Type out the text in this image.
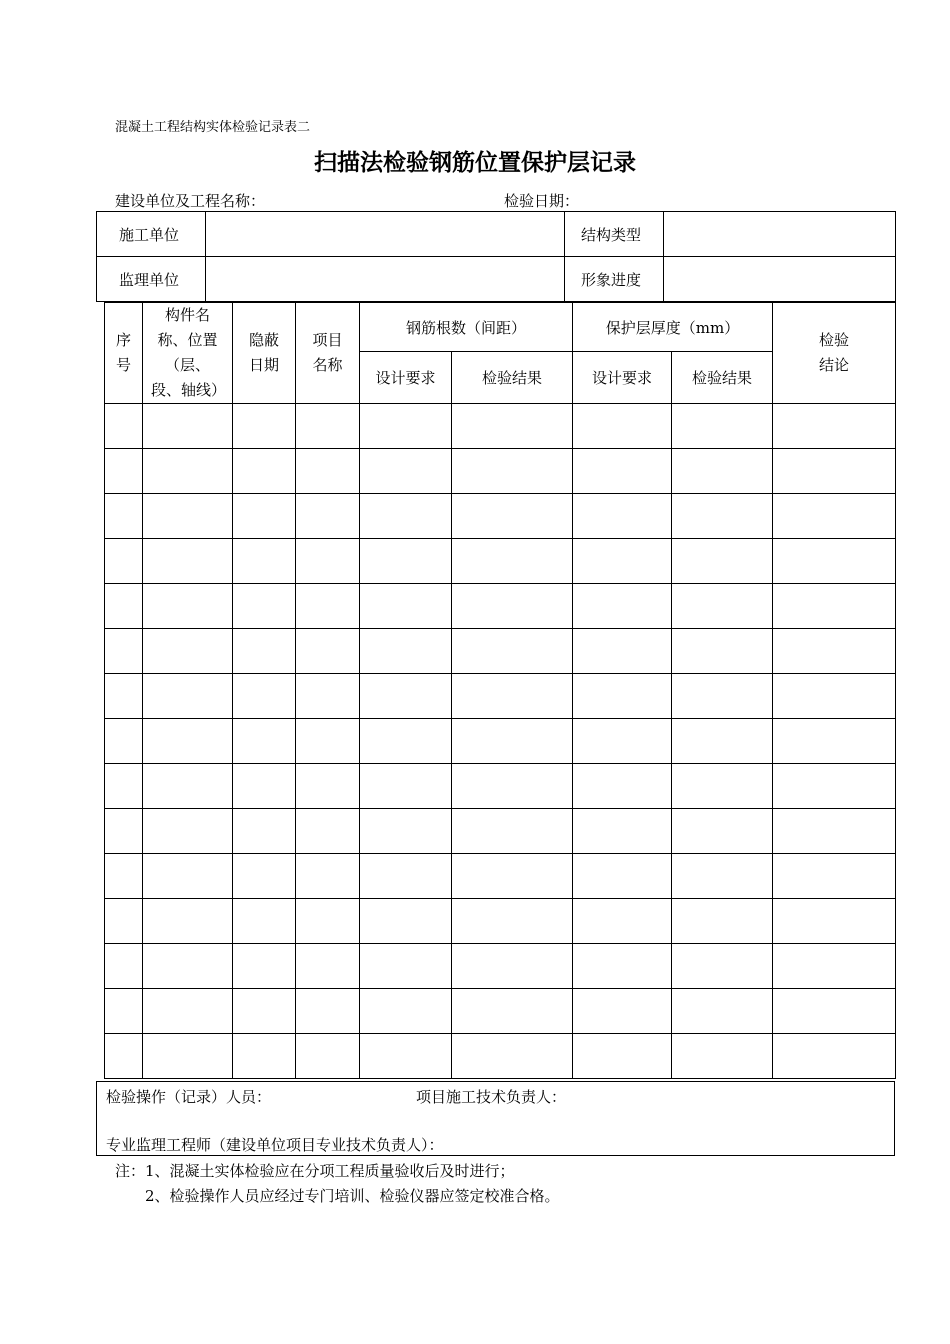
混凝土工程结构实体检验记录表二
扫描法检验钢筋位置保护层记录
建设单位及工程名称：	检验日期：
施工单位		结构类型	
监理单位		形象进度	
序号	构件名称、位置（层、段、轴线）	隐蔽日期	项目名称	钢筋根数（间距）		保护层厚度（mm）		检验结论
				设计要求	检验结果	设计要求	检验结果	

检验操作（记录）人员：	项目施工技术负责人：
专业监理工程师（建设单位项目专业技术负责人）：
注：1、混凝土实体检验应在分项工程质量验收后及时进行；
2、检验操作人员应经过专门培训、检验仪器应签定校准合格。
